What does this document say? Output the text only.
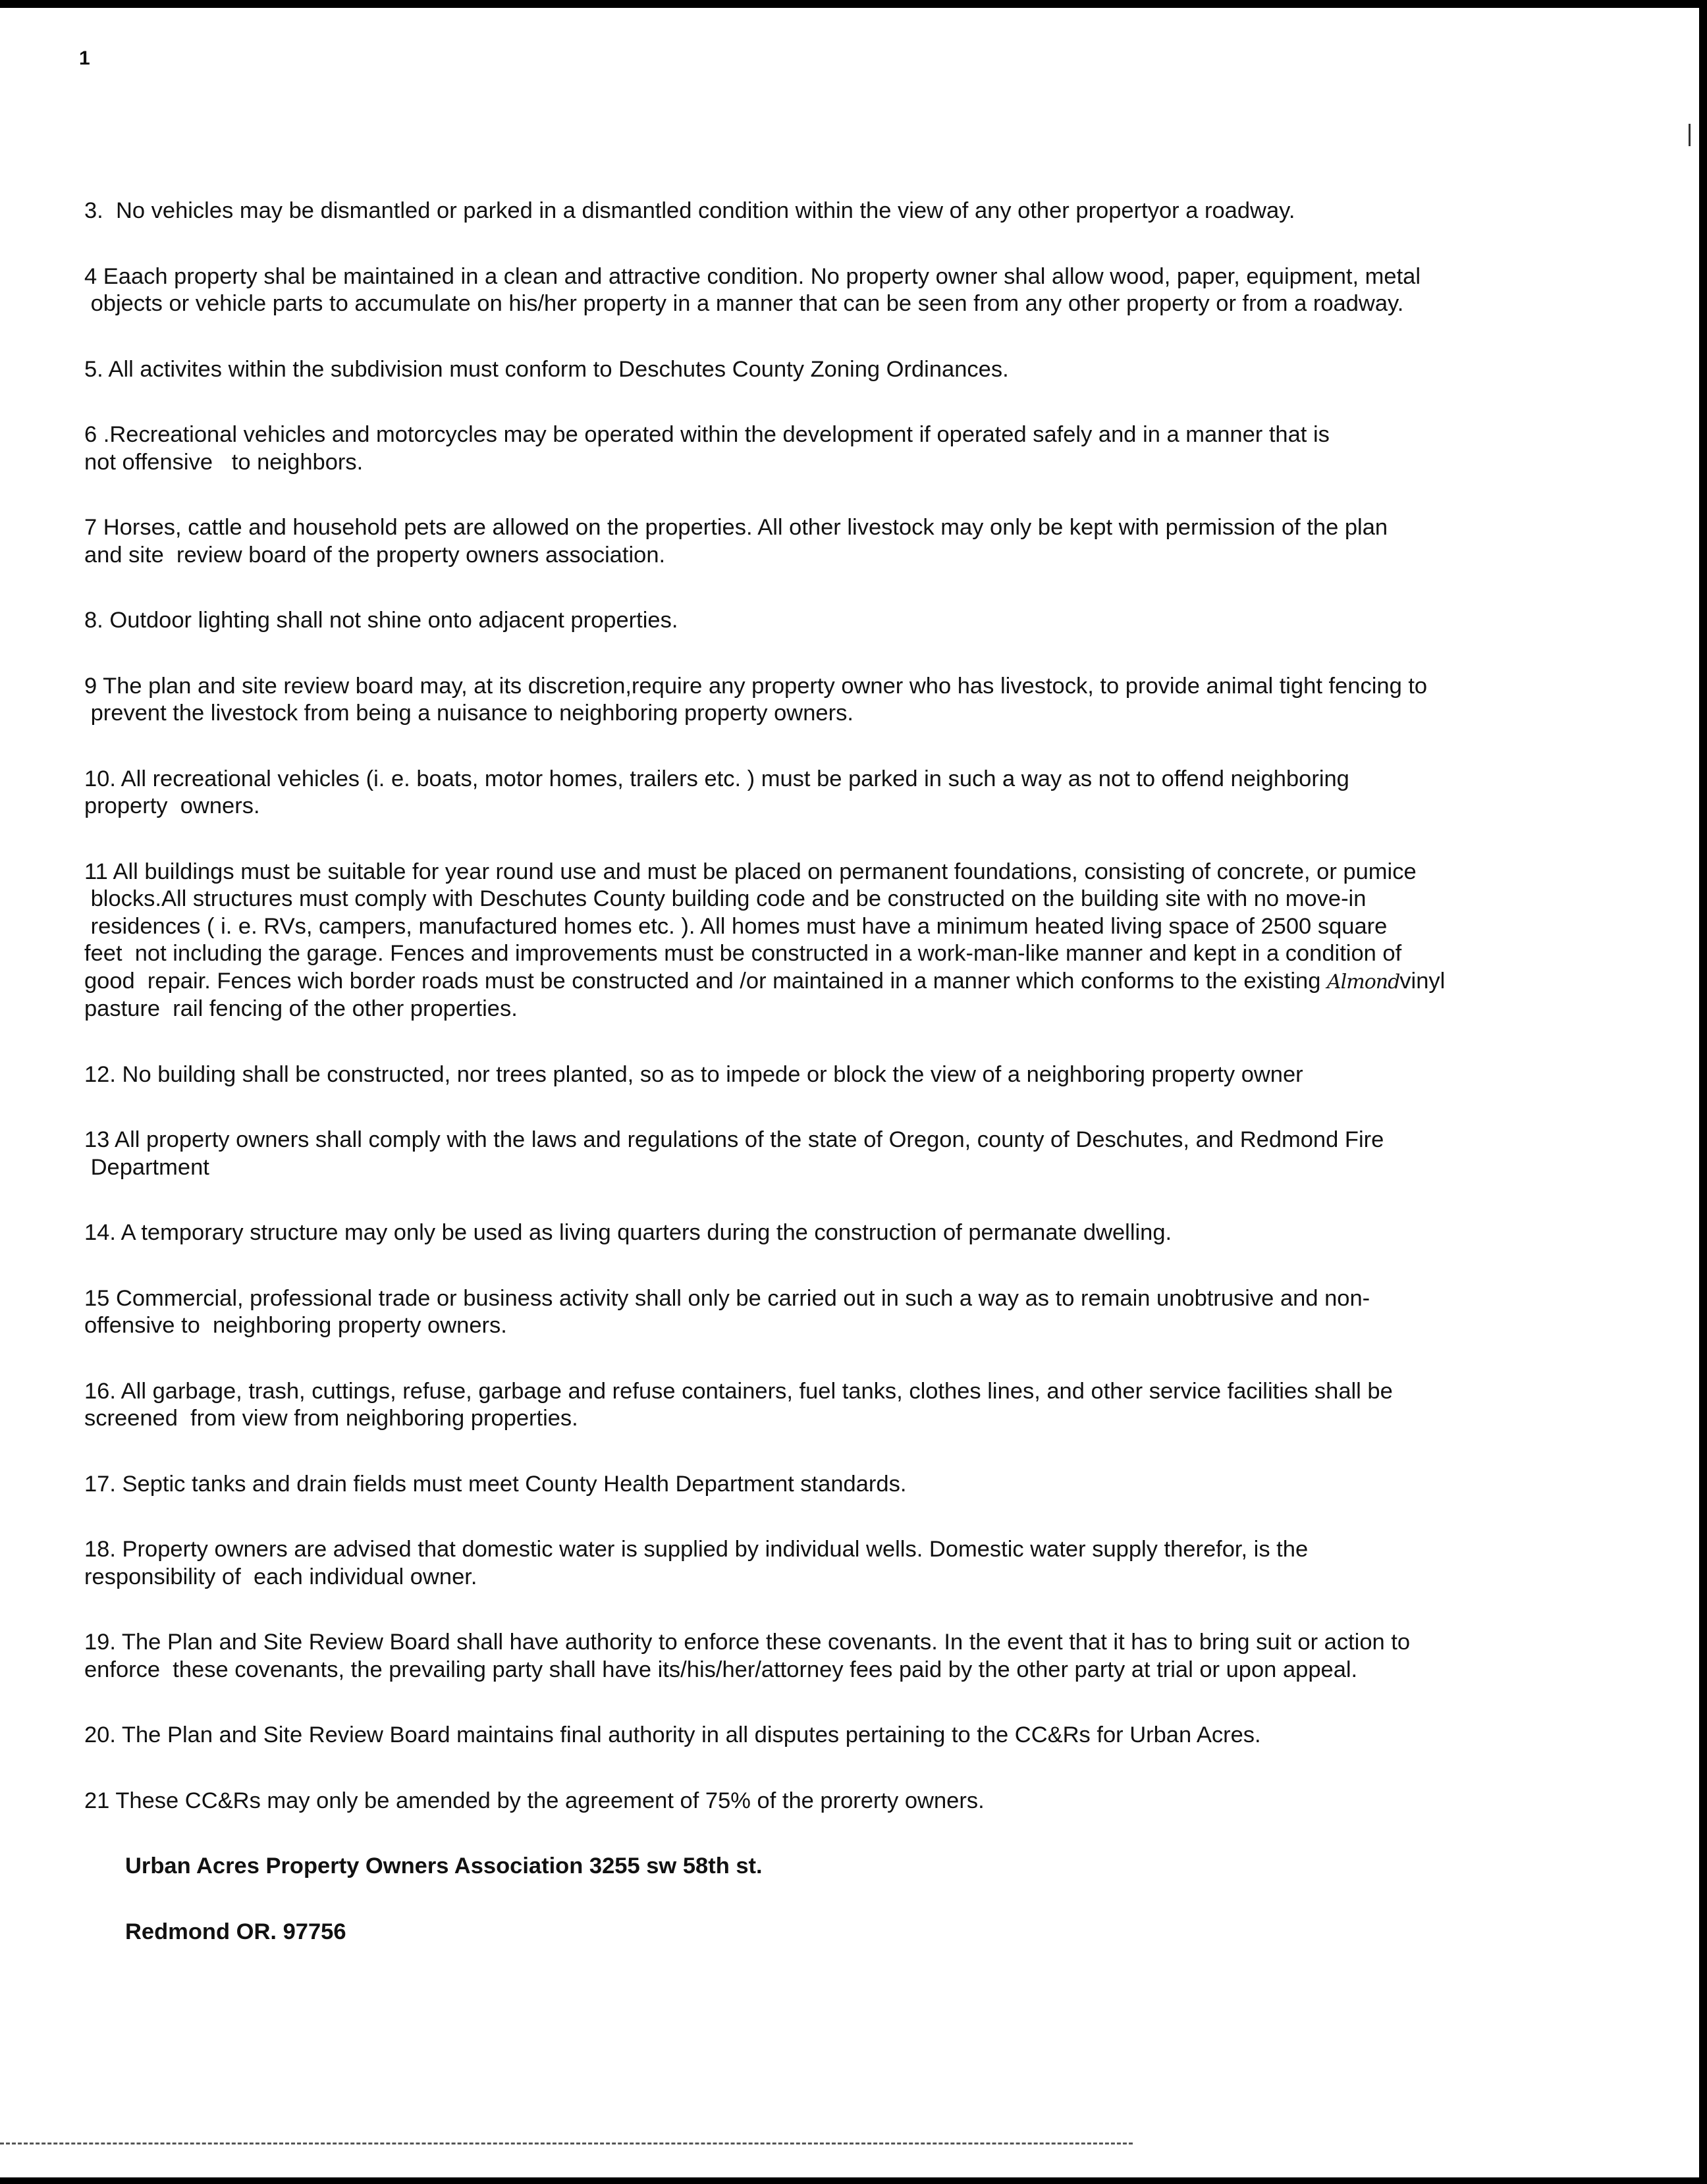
1

3.  No vehicles may be dismantled or parked in a dismantled condition within the view of any other propertyor a roadway.

4 Eaach property shal be maintained in a clean and attractive condition. No property owner shal allow wood, paper, equipment, metal
objects or vehicle parts to accumulate on his/her property in a manner that can be seen from any other property or from a roadway.

5. All activites within the subdivision must conform to Deschutes County Zoning Ordinances.

6 .Recreational vehicles and motorcycles may be operated within the development if operated safely and in a manner that is
not offensive   to neighbors.

7 Horses, cattle and household pets are allowed on the properties. All other livestock may only be kept with permission of the plan
and site  review board of the property owners association.

8. Outdoor lighting shall not shine onto adjacent properties.

9 The plan and site review board may, at its discretion,require any property owner who has livestock, to provide animal tight fencing to
prevent the livestock from being a nuisance to neighboring property owners.

10. All recreational vehicles (i. e. boats, motor homes, trailers etc. ) must be parked in such a way as not to offend neighboring
property  owners.

11 All buildings must be suitable for year round use and must be placed on permanent foundations, consisting of concrete, or pumice
blocks.All structures must comply with Deschutes County building code and be constructed on the building site with no move-in
residences ( i. e. RVs, campers, manufactured homes etc. ). All homes must have a minimum heated living space of 2500 square
feet  not including the garage. Fences and improvements must be constructed in a work-man-like manner and kept in a condition of
good  repair. Fences wich border roads must be constructed and /or maintained in a manner which conforms to the existing Almondvinyl
pasture  rail fencing of the other properties.

12. No building shall be constructed, nor trees planted, so as to impede or block the view of a neighboring property owner

13 All property owners shall comply with the laws and regulations of the state of Oregon, county of Deschutes, and Redmond Fire
Department

14. A temporary structure may only be used as living quarters during the construction of permanate dwelling.

15 Commercial, professional trade or business activity shall only be carried out in such a way as to remain unobtrusive and non-
offensive to  neighboring property owners.

16. All garbage, trash, cuttings, refuse, garbage and refuse containers, fuel tanks, clothes lines, and other service facilities shall be
screened  from view from neighboring properties.

17. Septic tanks and drain fields must meet County Health Department standards.

18. Property owners are advised that domestic water is supplied by individual wells. Domestic water supply therefor, is the
responsibility of  each individual owner.

19. The Plan and Site Review Board shall have authority to enforce these covenants. In the event that it has to bring suit or action to
enforce  these covenants, the prevailing party shall have its/his/her/attorney fees paid by the other party at trial or upon appeal.

20. The Plan and Site Review Board maintains final authority in all disputes pertaining to the CC&Rs for Urban Acres.

21 These CC&Rs may only be amended by the agreement of 75% of the prorerty owners.

Urban Acres Property Owners Association 3255 sw 58th st.

Redmond OR. 97756
